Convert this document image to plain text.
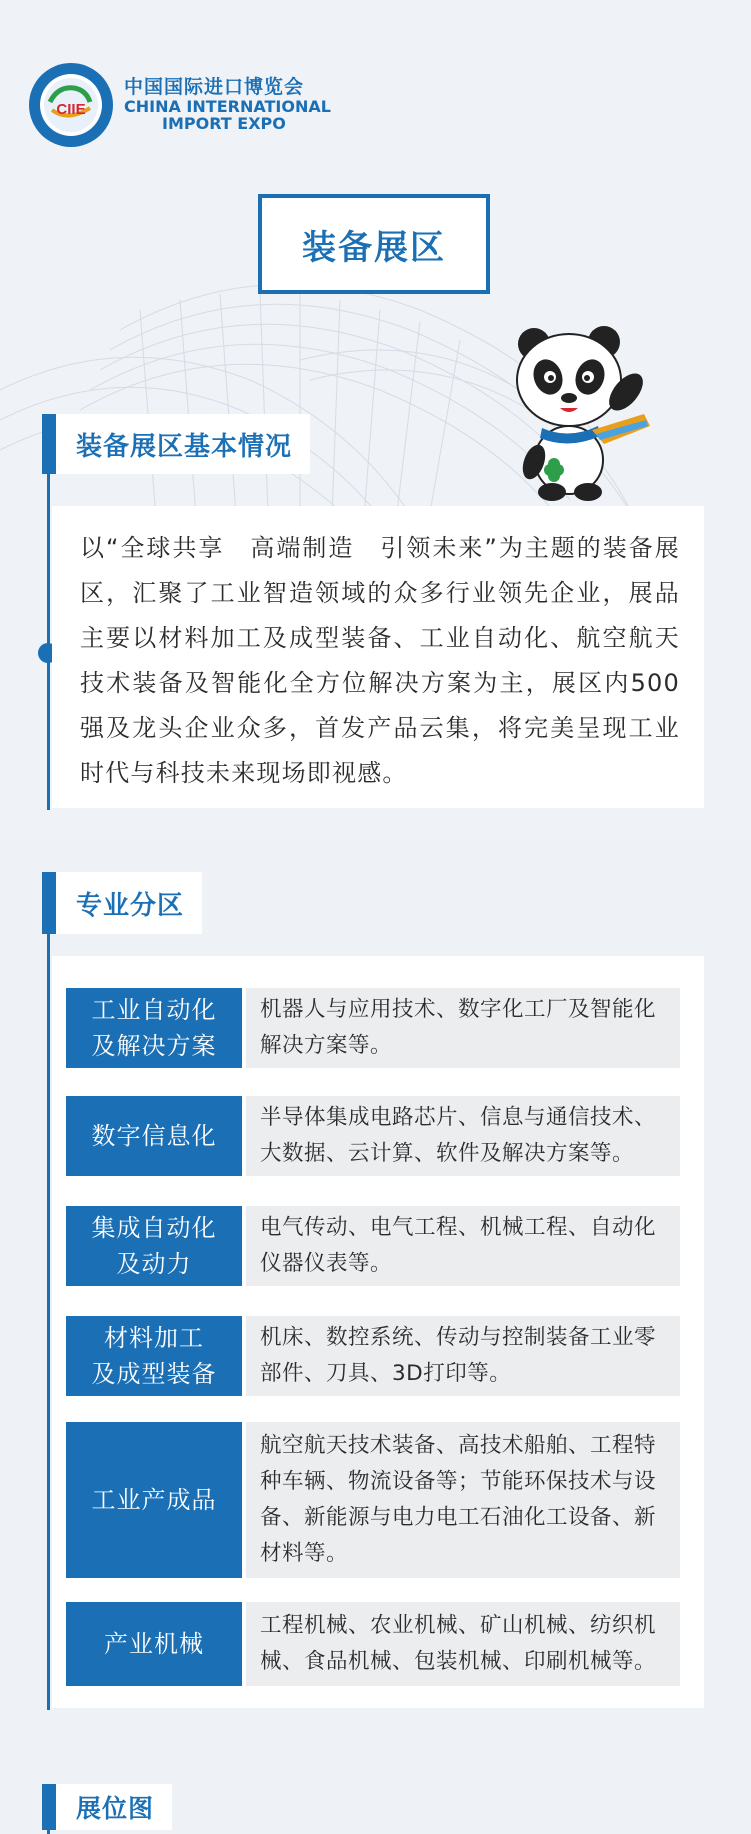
CIIE
中国国际进口博览会
CHINA INTERNATIONAL
IMPORT EXPO
装备展区
装备展区基本情况

以“全球共享　高端制造　引领未来”为主题的装备展区，汇聚了工业智造领域的众多行业领先企业，展品主要以材料加工及成型装备、工业自动化、航空航天技术装备及智能化全方位解决方案为主，展区内500强及龙头企业众多，首发产品云集，将完美呈现工业时代与科技未来现场即视感。

专业分区
工业自动化
及解决方案
机器人与应用技术、数字化工厂及智能化解决方案等。
数字信息化
半导体集成电路芯片、信息与通信技术、大数据、云计算、软件及解决方案等。
集成自动化
及动力
电气传动、电气工程、机械工程、自动化仪器仪表等。
材料加工
及成型装备
机床、数控系统、传动与控制装备工业零部件、刀具、3D打印等。
工业产成品
航空航天技术装备、高技术船舶、工程特种车辆、物流设备等；节能环保技术与设备、新能源与电力电工石油化工设备、新材料等。
产业机械
工程机械、农业机械、矿山机械、纺织机械、食品机械、包装机械、印刷机械等。
展位图
